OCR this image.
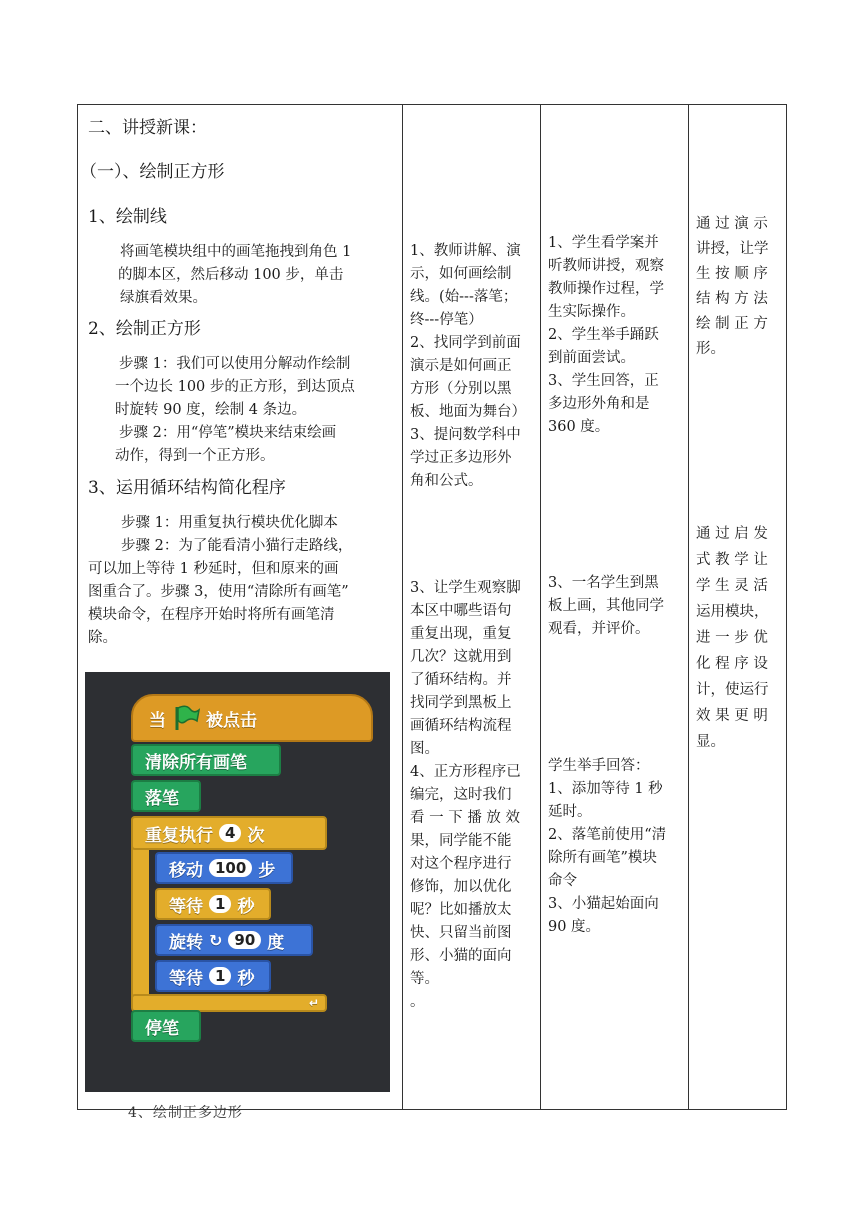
二、讲授新课：
（一）、绘制正方形
1、绘制线
将画笔模块组中的画笔拖拽到角色 1
的脚本区，然后移动 100 步，单击
绿旗看效果。
2、绘制正方形
步骤 1：我们可以使用分解动作绘制
一个边长 100 步的正方形，到达顶点
时旋转 90 度，绘制 4 条边。
步骤 2：用“停笔”模块来结束绘画
动作，得到一个正方形。
3、运用循环结构简化程序
步骤 1：用重复执行模块优化脚本
步骤 2：为了能看清小猫行走路线，
可以加上等待 1 秒延时，但和原来的画
图重合了。步骤 3，使用“清除所有画笔”
模块命令，在程序开始时将所有画笔清
除。
当 被点击
清除所有画笔
落笔
重复执行 4 次
移动 100 步
等待 1 秒
旋转 ↻ 90 度
等待 1 秒
↵
停笔
4、绘制正多边形
1、教师讲解、演
示，如何画绘制
线。(始---落笔；
终---停笔）
2、找同学到前面
演示是如何画正
方形（分别以黑
板、地面为舞台）
3、提问数学科中
学过正多边形外
角和公式。
3、让学生观察脚
本区中哪些语句
重复出现，重复
几次？这就用到
了循环结构。并
找同学到黑板上
画循环结构流程
图。
4、正方形程序已
编完，这时我们
看 一 下 播 放 效
果，同学能不能
对这个程序进行
修饰，加以优化
呢？比如播放太
快、只留当前图
形、小猫的面向
等。
。
1、学生看学案并
听教师讲授，观察
教师操作过程，学
生实际操作。
2、学生举手踊跃
到前面尝试。
3、学生回答，正
多边形外角和是
360 度。
3、一名学生到黑
板上画，其他同学
观看，并评价。
学生举手回答：
1、添加等待 1 秒
延时。
2、落笔前使用“清
除所有画笔”模块
命令
3、小猫起始面向
90 度。
通 过 演 示
讲授，让学
生 按 顺 序
结 构 方 法
绘 制 正 方
形。
通 过 启 发
式 教 学 让
学 生 灵 活
运用模块，
进 一 步 优
化 程 序 设
计，使运行
效 果 更 明
显。
